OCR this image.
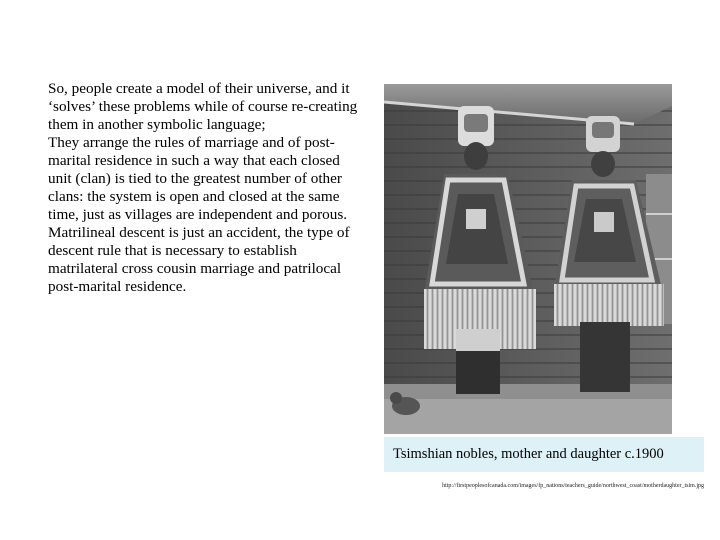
So, people create a model of their universe, and it ‘solves’ these problems while of course re-creating them in another symbolic language;

They arrange the rules of marriage and of post-marital residence in such a way that each closed unit (clan) is tied to the greatest number of other clans: the system is open and closed at the same time, just as villages are independent and porous. Matrilineal descent is just an accident, the type of descent rule that is necessary to establish matrilateral cross cousin marriage and patrilocal post-marital residence.

Tsimshian nobles, mother and daughter c.1900
http://firstpeoplesofcanada.com/images/fp_nations/teachers_guide/northwest_coast/motherdaughter_tsim.jpg
